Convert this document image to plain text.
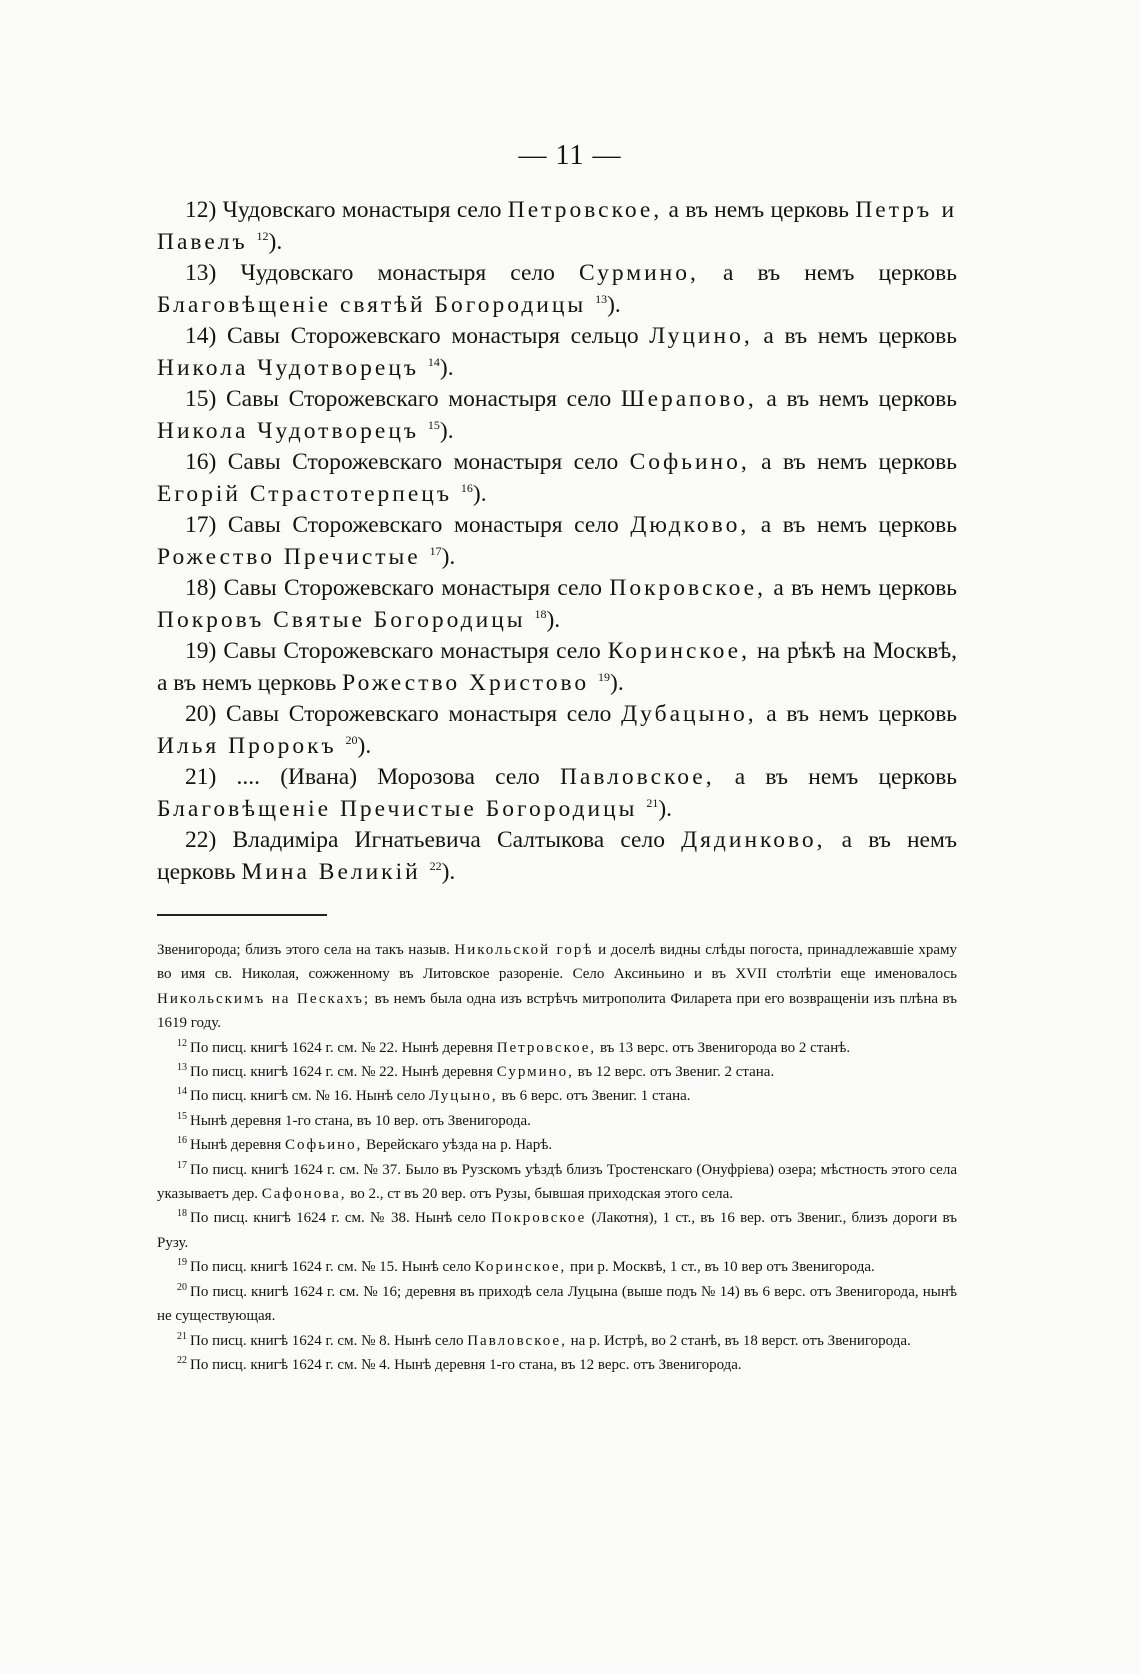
— 11 —

12) Чудовскаго монастыря село Петровское, а въ немъ церковь Петръ и Павелъ $^{12}$).

13) Чудовскаго монастыря село Сурмино, а въ немъ церковь Благовѣщеніе святѣй Богородицы $^{13}$).

14) Савы Сторожевскаго монастыря сельцо Луцино, а въ немъ церковь Никола Чудотворецъ $^{14}$).

15) Савы Сторожевскаго монастыря село Шерапово, а въ немъ церковь Никола Чудотворецъ $^{15}$).

16) Савы Сторожевскаго монастыря село Софьино, а въ немъ церковь Егорій Страстотерпецъ $^{16}$).

17) Савы Сторожевскаго монастыря село Дюдково, а въ немъ церковь Рожество Пречистые $^{17}$).

18) Савы Сторожевскаго монастыря село Покровское, а въ немъ церковь Покровъ Святые Богородицы $^{18}$).

19) Савы Сторожевскаго монастыря село Коринское, на рѣкѣ на Москвѣ, а въ немъ церковь Рожество Христово $^{19}$).

20) Савы Сторожевскаго монастыря село Дубацыно, а въ немъ церковь Илья Пророкъ $^{20}$).

21) .... (Ивана) Морозова село Павловское, а въ немъ церковь Благовѣщеніе Пречистые Богородицы $^{21}$).

22) Владиміра Игнатьевича Салтыкова село Дядинково, а въ немъ церковь Мина Великій $^{22}$).

Звенигорода; близъ этого села на такъ назыв. Никольской горѣ и доселѣ видны слѣды погоста, принадлежавшіе храму во имя св. Николая, сожженному въ Литовское разореніе. Село Аксиньино и въ XVII столѣтіи еще именовалось Никольскимъ на Пескахъ; въ немъ была одна изъ встрѣчъ митрополита Филарета при его возвращеніи изъ плѣна въ 1619 году.

$^{12}$ По писц. книгѣ 1624 г. см. № 22. Нынѣ деревня Петровское, въ 13 верс. отъ Звенигорода во 2 станѣ.

$^{13}$ По писц. книгѣ 1624 г. см. № 22. Нынѣ деревня Сурмино, въ 12 верс. отъ Звениг. 2 стана.

$^{14}$ По писц. книгѣ см. № 16. Нынѣ село Луцыно, въ 6 верс. отъ Звениг. 1 стана.

$^{15}$ Нынѣ деревня 1-го стана, въ 10 вер. отъ Звенигорода.

$^{16}$ Нынѣ деревня Софьино, Верейскаго уѣзда на р. Нарѣ.

$^{17}$ По писц. книгѣ 1624 г. см. № 37. Было въ Рузскомъ уѣздѣ близъ Тростенскаго (Онуфріева) озера; мѣстность этого села указываетъ дер. Сафонова, во 2., ст въ 20 вер. отъ Рузы, бывшая приходская этого села.

$^{18}$ По писц. книгѣ 1624 г. см. № 38. Нынѣ село Покровское (Лакотня), 1 ст., въ 16 вер. отъ Звениг., близъ дороги въ Рузу.

$^{19}$ По писц. книгѣ 1624 г. см. № 15. Нынѣ село Коринское, при р. Москвѣ, 1 ст., въ 10 вер отъ Звенигорода.

$^{20}$ По писц. книгѣ 1624 г. см. № 16; деревня въ приходѣ села Луцына (выше подъ № 14) въ 6 верс. отъ Звенигорода, нынѣ не существующая.

$^{21}$ По писц. книгѣ 1624 г. см. № 8. Нынѣ село Павловское, на р. Истрѣ, во 2 станѣ, въ 18 верст. отъ Звенигорода.

$^{22}$ По писц. книгѣ 1624 г. см. № 4. Нынѣ деревня 1-го стана, въ 12 верс. отъ Звенигорода.
